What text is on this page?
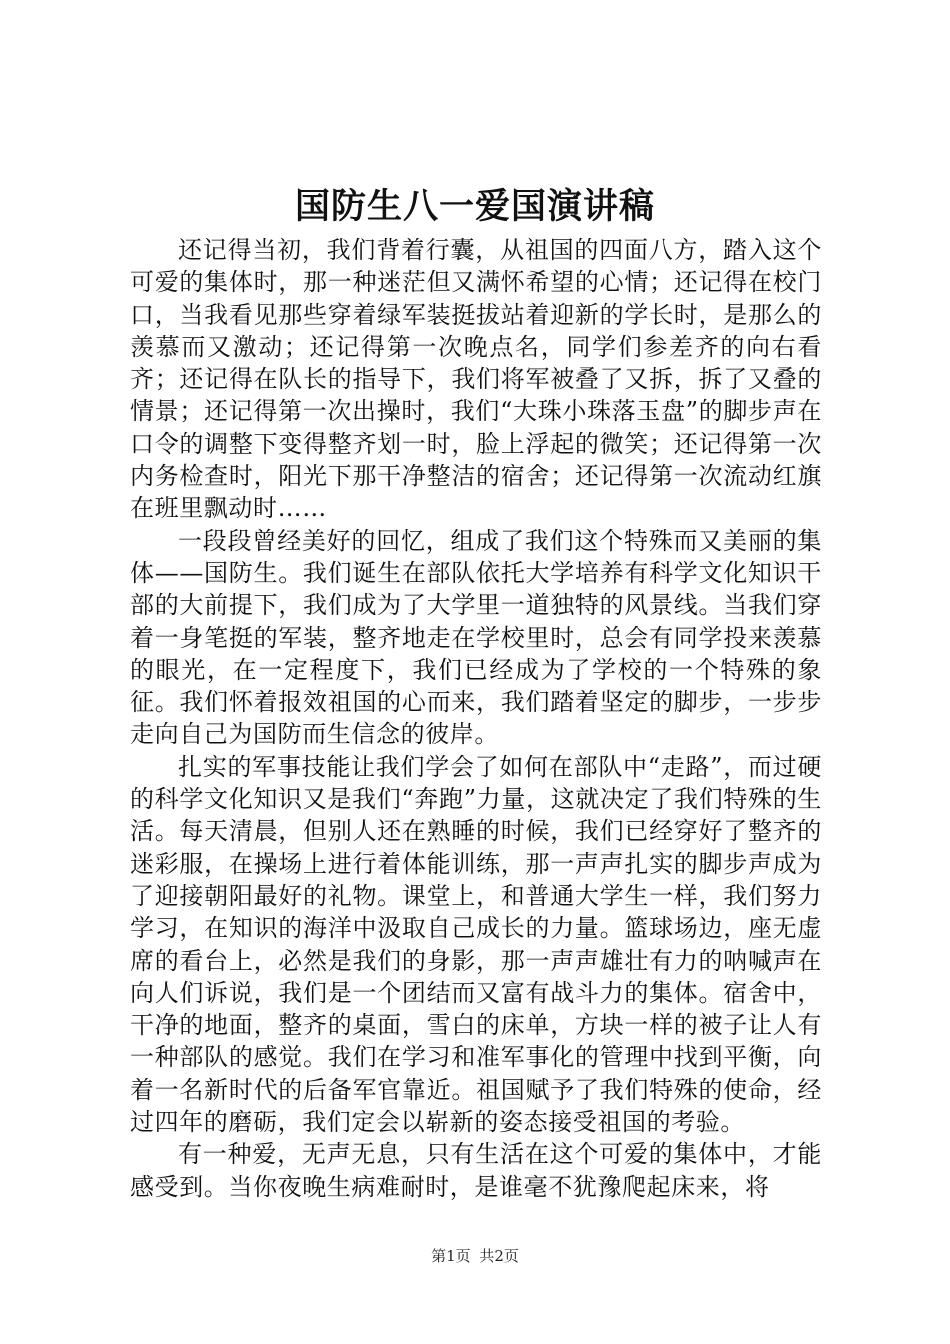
国防生八一爱国演讲稿

还记得当初，我们背着行囊，从祖国的四面八方，踏入这个可爱的集体时，那一种迷茫但又满怀希望的心情；还记得在校门口，当我看见那些穿着绿军装挺拔站着迎新的学长时，是那么的羡慕而又激动；还记得第一次晚点名，同学们参差齐的向右看齐；还记得在队长的指导下，我们将军被叠了又拆，拆了又叠的情景；还记得第一次出操时，我们“大珠小珠落玉盘”的脚步声在口令的调整下变得整齐划一时，脸上浮起的微笑；还记得第一次内务检查时，阳光下那干净整洁的宿舍；还记得第一次流动红旗在班里飘动时……

一段段曾经美好的回忆，组成了我们这个特殊而又美丽的集体——国防生。我们诞生在部队依托大学培养有科学文化知识干部的大前提下，我们成为了大学里一道独特的风景线。当我们穿着一身笔挺的军装，整齐地走在学校里时，总会有同学投来羡慕的眼光，在一定程度下，我们已经成为了学校的一个特殊的象征。我们怀着报效祖国的心而来，我们踏着坚定的脚步，一步步走向自己为国防而生信念的彼岸。

扎实的军事技能让我们学会了如何在部队中“走路”，而过硬的科学文化知识又是我们“奔跑”力量，这就决定了我们特殊的生活。每天清晨，但别人还在熟睡的时候，我们已经穿好了整齐的迷彩服，在操场上进行着体能训练，那一声声扎实的脚步声成为了迎接朝阳最好的礼物。课堂上，和普通大学生一样，我们努力学习，在知识的海洋中汲取自己成长的力量。篮球场边，座无虚席的看台上，必然是我们的身影，那一声声雄壮有力的呐喊声在向人们诉说，我们是一个团结而又富有战斗力的集体。宿舍中，干净的地面，整齐的桌面，雪白的床单，方块一样的被子让人有一种部队的感觉。我们在学习和准军事化的管理中找到平衡，向着一名新时代的后备军官靠近。祖国赋予了我们特殊的使命，经过四年的磨砺，我们定会以崭新的姿态接受祖国的考验。

有一种爱，无声无息，只有生活在这个可爱的集体中，才能感受到。当你夜晚生病难耐时，是谁毫不犹豫爬起床来，将

第1页 共2页
